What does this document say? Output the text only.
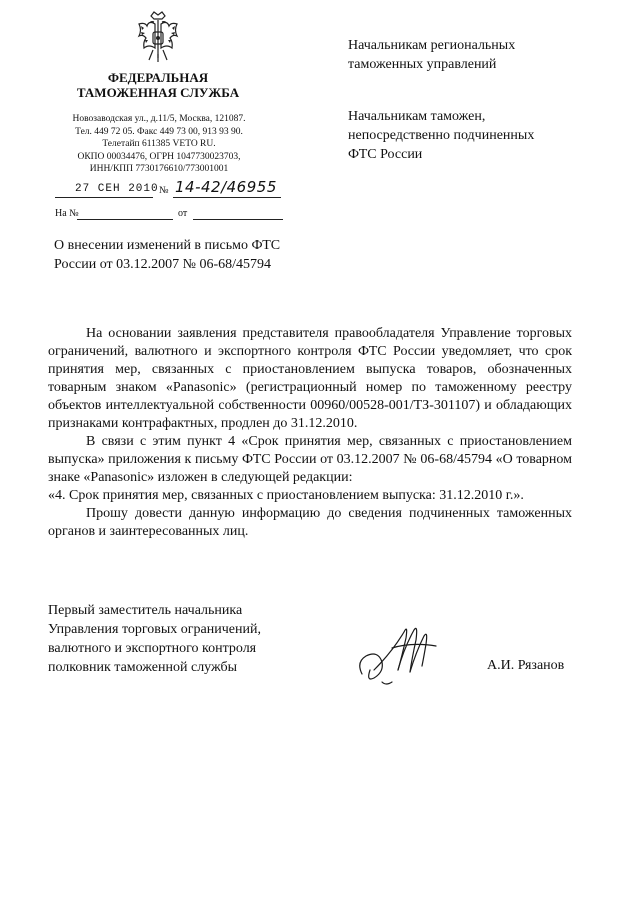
ФЕДЕРАЛЬНАЯ
ТАМОЖЕННАЯ СЛУЖБА
Новозаводская ул., д.11/5, Москва, 121087.
Тел. 449 72 05. Факс 449 73 00, 913 93 90.
Телетайп 611385 VETO RU.
ОКПО 00034476, ОГРН 1047730023703,
ИНН/КПП 7730176610/773001001
27 СЕН 2010 № 14-42/46955
На №	от
Начальникам региональных
таможенных управлений
Начальникам таможен,
непосредственно подчиненных
ФТС России
О внесении изменений в письмо ФТС
России от 03.12.2007 № 06-68/45794

На основании заявления представителя правообладателя Управление торговых ограничений, валютного и экспортного контроля ФТС России уведомляет, что срок принятия мер, связанных с приостановлением выпуска товаров, обозначенных товарным знаком «Panasonic» (регистрационный номер по таможенному реестру объектов интеллектуальной собственности 00960/00528-001/ТЗ-301107) и обладающих признаками контрафактных, продлен до 31.12.2010.

В связи с этим пункт 4 «Срок принятия мер, связанных с приостановлением выпуска» приложения к письму ФТС России от 03.12.2007 № 06-68/45794 «О товарном знаке «Panasonic» изложен в следующей редакции:

«4. Срок принятия мер, связанных с приостановлением выпуска: 31.12.2010 г.».

Прошу довести данную информацию до сведения подчиненных таможенных органов и заинтересованных лиц.

Первый заместитель начальника
Управления торговых ограничений,
валютного и экспортного контроля
полковник таможенной службы	А.И. Рязанов
